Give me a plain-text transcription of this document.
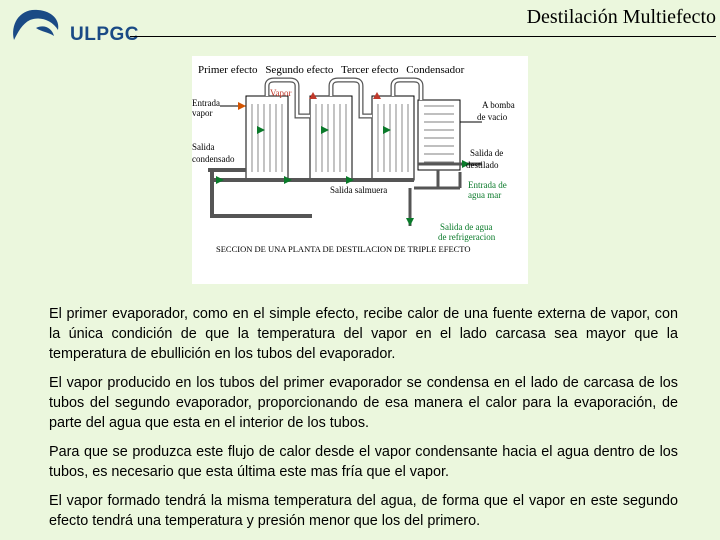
ULPGC
Destilación Multiefecto
Primer efecto Segundo efecto Tercer efecto Condensador
Vapor
Entrada
vapor
A bomba
de vacio
Salida
condensado
Salida de
destilado
Salida salmuera	Entrada de
agua mar
Salida de agua
de refrigeracion
SECCION DE UNA PLANTA DE DESTILACION DE TRIPLE EFECTO

El primer evaporador, como en el simple efecto, recibe calor de una fuente externa de vapor, con la única condición de que la temperatura del vapor en el lado carcasa sea mayor que la temperatura de ebullición en los tubos del evaporador.

El vapor producido en los tubos del primer evaporador se condensa en el lado de carcasa de los tubos del segundo evaporador, proporcionando de esa manera el calor para la evaporación, de parte del agua que esta en el interior de los tubos.

Para que se produzca este flujo de calor desde el vapor condensante hacia el agua dentro de los tubos, es necesario que esta última este mas fría que el vapor.

El vapor formado tendrá la misma temperatura del agua, de forma que el vapor en este segundo efecto tendrá una temperatura y presión menor que los del primero.
